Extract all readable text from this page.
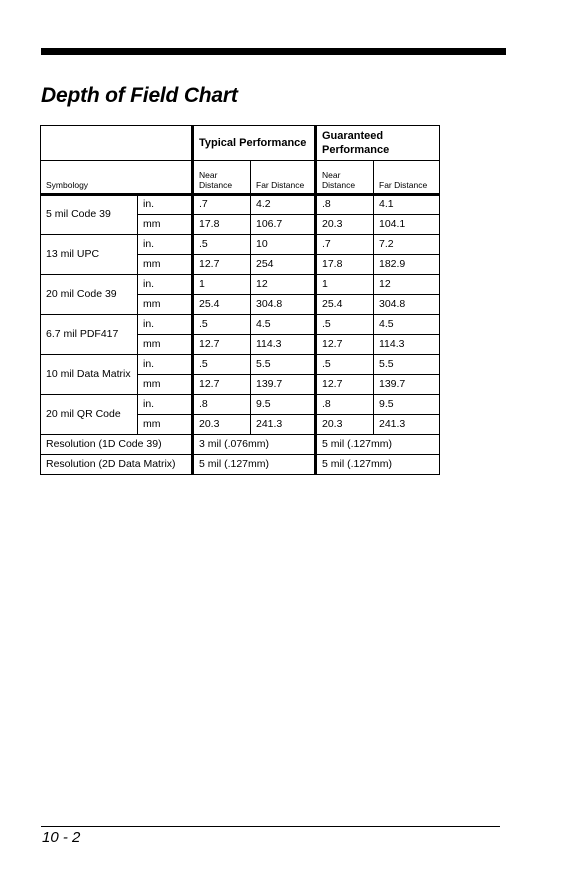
Depth of Field Chart
		Typical Performance		Guaranteed Performance	
Symbology		Near Distance	Far Distance	Near Distance	Far Distance
5 mil Code 39	in.	.7	4.2	.8	4.1
	mm	17.8	106.7	20.3	104.1
13 mil UPC	in.	.5	10	.7	7.2
	mm	12.7	254	17.8	182.9
20 mil Code 39	in.	1	12	1	12
	mm	25.4	304.8	25.4	304.8
6.7 mil PDF417	in.	.5	4.5	.5	4.5
	mm	12.7	114.3	12.7	114.3
10 mil Data Matrix	in.	.5	5.5	.5	5.5
	mm	12.7	139.7	12.7	139.7
20 mil QR Code	in.	.8	9.5	.8	9.5
	mm	20.3	241.3	20.3	241.3
Resolution (1D Code 39)		3 mil (.076mm)		5 mil (.127mm)	
Resolution (2D Data Matrix)		5 mil (.127mm)		5 mil (.127mm)	
10 - 2
